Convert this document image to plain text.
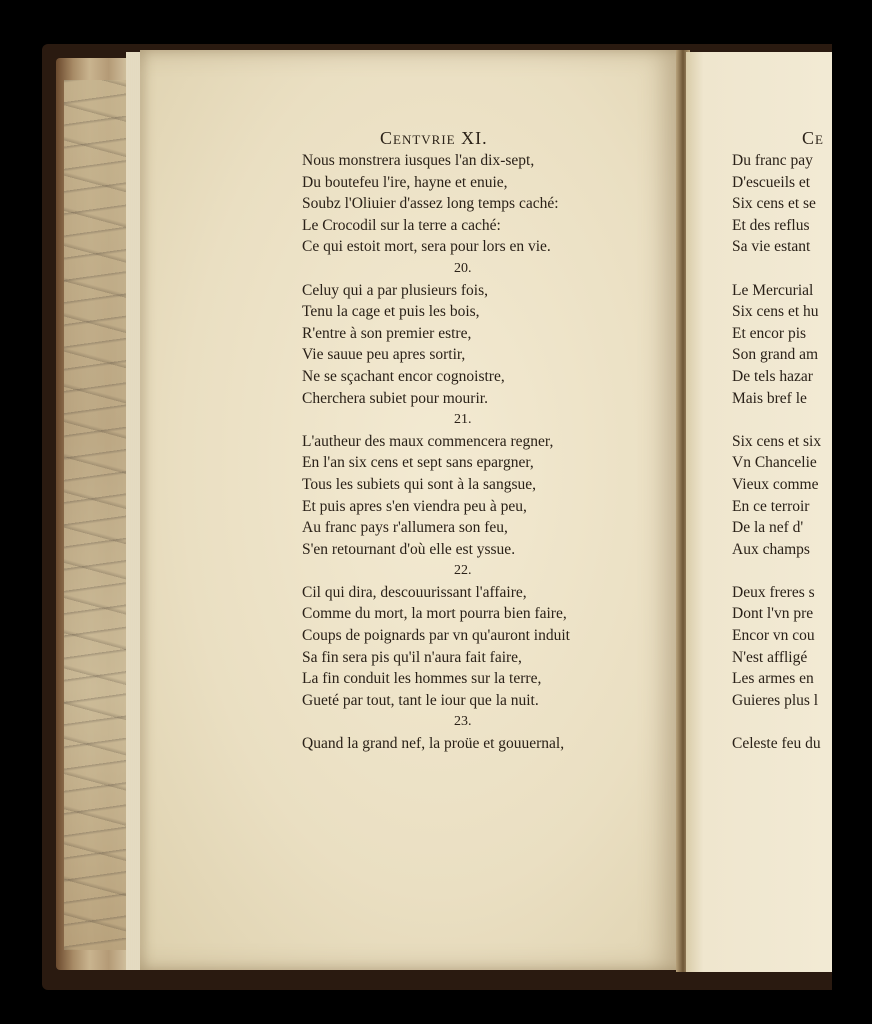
Centvrie XI.
Nous monstrera iusques l'an dix-sept,
Du boutefeu l'ire, hayne et enuie,
Soubz l'Oliuier d'assez long temps caché:
Le Crocodil sur la terre a caché:
Ce qui estoit mort, sera pour lors en vie.
20.
Celuy qui a par plusieurs fois,
Tenu la cage et puis les bois,
R'entre à son premier estre,
Vie sauue peu apres sortir,
Ne se sçachant encor cognoistre,
Cherchera subiet pour mourir.
21.
L'autheur des maux commencera regner,
En l'an six cens et sept sans epargner,
Tous les subiets qui sont à la sangsue,
Et puis apres s'en viendra peu à peu,
Au franc pays r'allumera son feu,
S'en retournant d'où elle est yssue.
22.
Cil qui dira, descouurissant l'affaire,
Comme du mort, la mort pourra bien faire,
Coups de poignards par vn qu'auront induit
Sa fin sera pis qu'il n'aura fait faire,
La fin conduit les hommes sur la terre,
Gueté par tout, tant le iour que la nuit.
23.
Quand la grand nef, la proüe et gouuernal,
Ce
Du franc pay
D'escueils et
Six cens et se
Et des reflus
Sa vie estant
Le Mercurial
Six cens et hu
Et encor pis
Son grand am
De tels hazar
Mais bref le
Six cens et six
Vn Chancelie
Vieux comme
En ce terroir
De la nef d'
Aux champs
Deux freres s
Dont l'vn pre
Encor vn cou
N'est affligé
Les armes en
Guieres plus l
Celeste feu du
